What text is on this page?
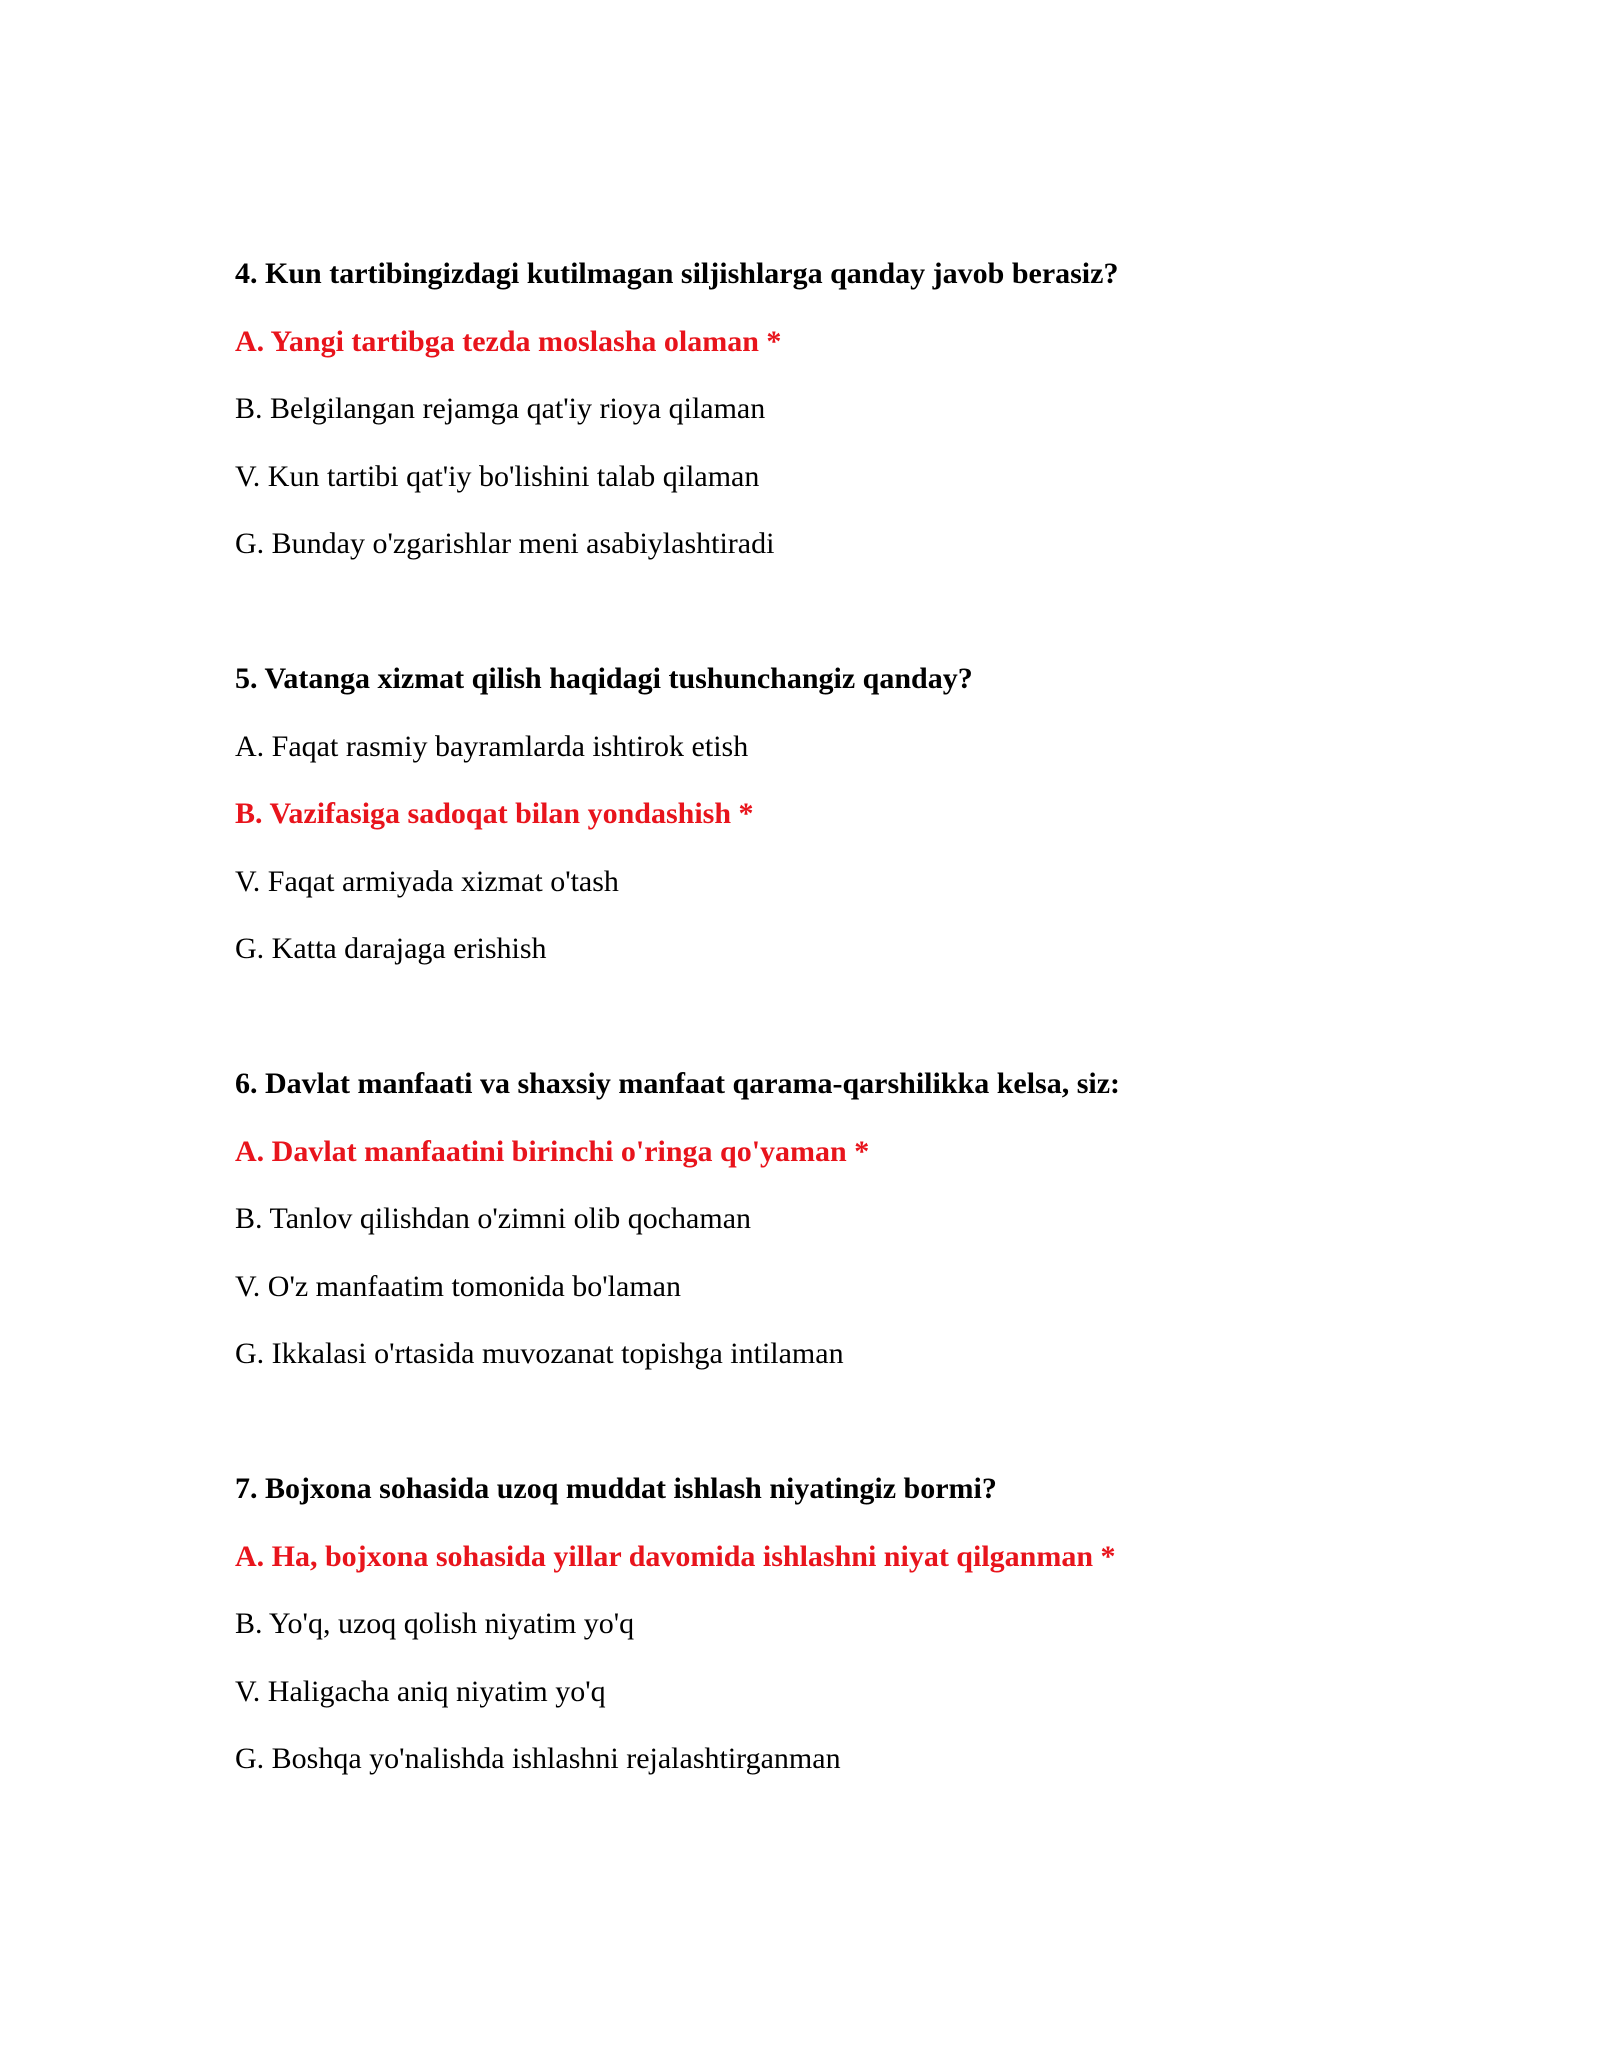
4. Kun tartibingizdagi kutilmagan siljishlarga qanday javob berasiz?
A. Yangi tartibga tezda moslasha olaman *
B. Belgilangan rejamga qat'iy rioya qilaman
V. Kun tartibi qat'iy bo'lishini talab qilaman
G. Bunday o'zgarishlar meni asabiylashtiradi
5. Vatanga xizmat qilish haqidagi tushunchangiz qanday?
A. Faqat rasmiy bayramlarda ishtirok etish
B. Vazifasiga sadoqat bilan yondashish *
V. Faqat armiyada xizmat o'tash
G. Katta darajaga erishish
6. Davlat manfaati va shaxsiy manfaat qarama-qarshilikka kelsa, siz:
A. Davlat manfaatini birinchi o'ringa qo'yaman *
B. Tanlov qilishdan o'zimni olib qochaman
V. O'z manfaatim tomonida bo'laman
G. Ikkalasi o'rtasida muvozanat topishga intilaman
7. Bojxona sohasida uzoq muddat ishlash niyatingiz bormi?
A. Ha, bojxona sohasida yillar davomida ishlashni niyat qilganman *
B. Yo'q, uzoq qolish niyatim yo'q
V. Haligacha aniq niyatim yo'q
G. Boshqa yo'nalishda ishlashni rejalashtirganman
